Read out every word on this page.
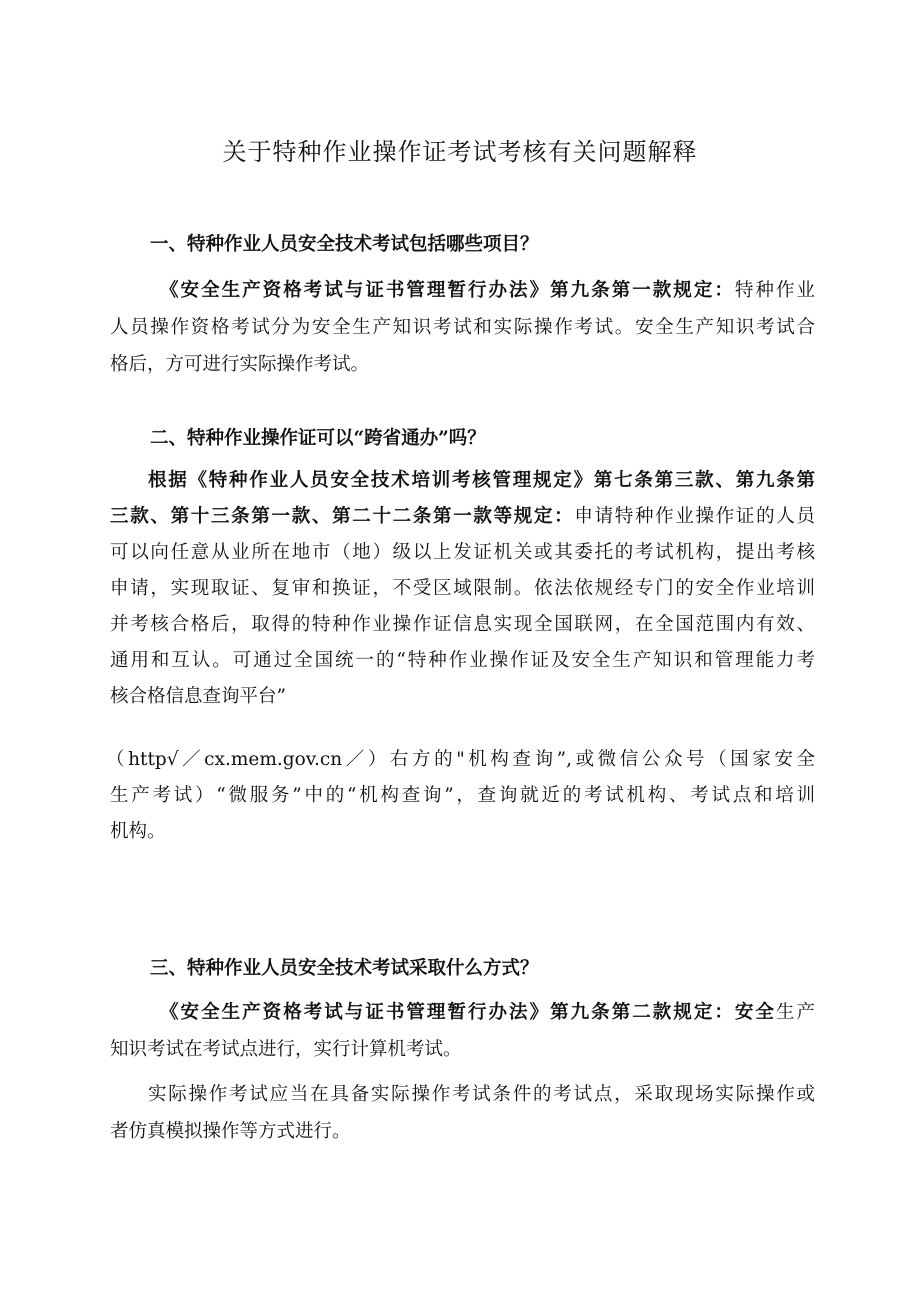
关于特种作业操作证考试考核有关问题解释
一、特种作业人员安全技术考试包括哪些项目？
《安全生产资格考试与证书管理暂行办法》第九条第一款规定：特种作业
人员操作资格考试分为安全生产知识考试和实际操作考试。安全生产知识考试合
格后，方可进行实际操作考试。
二、特种作业操作证可以“跨省通办”吗？
根据《特种作业人员安全技术培训考核管理规定》第七条第三款、第九条第
三款、第十三条第一款、第二十二条第一款等规定：申请特种作业操作证的人员
可以向任意从业所在地市（地）级以上发证机关或其委托的考试机构，提出考核
申请，实现取证、复审和换证，不受区域限制。依法依规经专门的安全作业培训
并考核合格后，取得的特种作业操作证信息实现全国联网，在全国范围内有效、
通用和互认。可通过全国统一的“特种作业操作证及安全生产知识和管理能力考
核合格信息查询平台”
（http√／cx.mem.gov.cn／）右方的"机构查询”,或微信公众号（国家安全
生产考试）“微服务”中的“机构查询”，查询就近的考试机构、考试点和培训
机构。
三、特种作业人员安全技术考试采取什么方式？
《安全生产资格考试与证书管理暂行办法》第九条第二款规定：安全生产
知识考试在考试点进行，实行计算机考试。
实际操作考试应当在具备实际操作考试条件的考试点，采取现场实际操作或
者仿真模拟操作等方式进行。
